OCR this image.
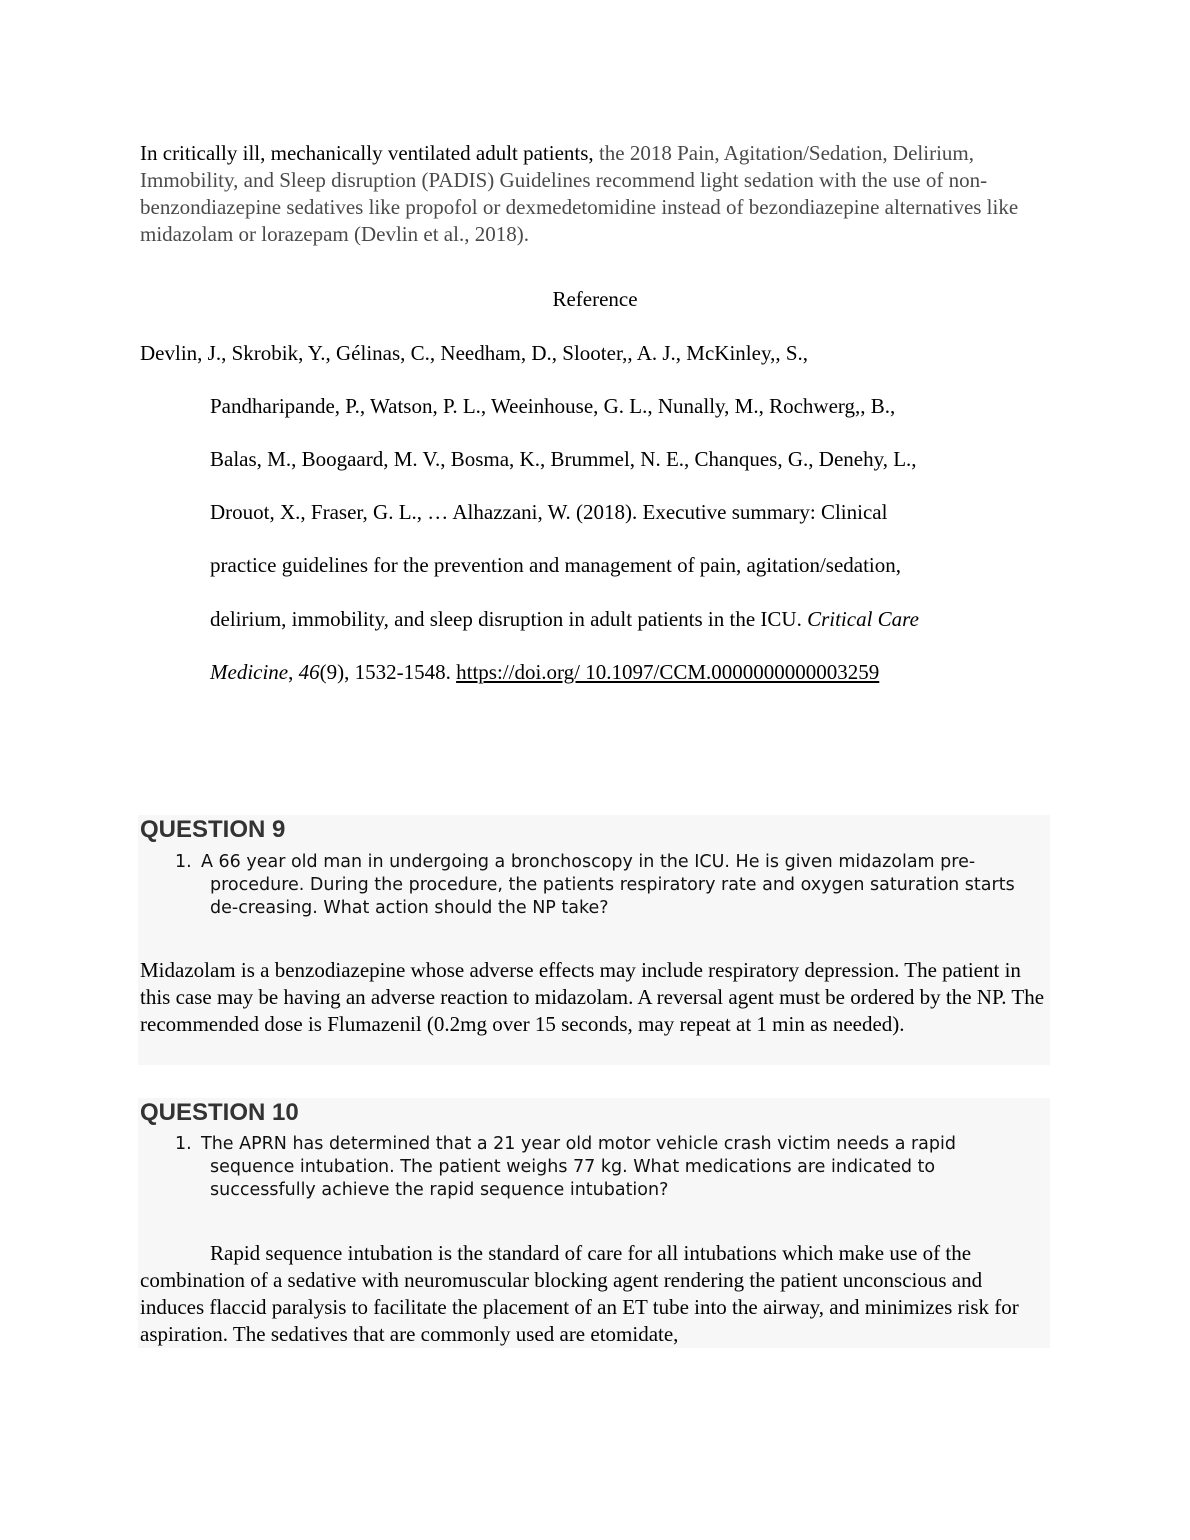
In critically ill, mechanically ventilated adult patients, the 2018 Pain, Agitation/Sedation, Delirium, Immobility, and Sleep disruption (PADIS) Guidelines recommend light sedation with the use of non-benzondiazepine sedatives like propofol or dexmedetomidine instead of bezondiazepine alternatives like midazolam or lorazepam (Devlin et al., 2018).
Reference
Devlin, J., Skrobik, Y., Gélinas, C., Needham, D., Slooter,, A. J., McKinley,, S.,
Pandharipande, P., Watson, P. L., Weeinhouse, G. L., Nunally, M., Rochwerg,, B.,
Balas, M., Boogaard, M. V., Bosma, K., Brummel, N. E., Chanques, G., Denehy, L.,
Drouot, X., Fraser, G. L., … Alhazzani, W. (2018). Executive summary: Clinical
practice guidelines for the prevention and management of pain, agitation/sedation,
delirium, immobility, and sleep disruption in adult patients in the ICU. Critical Care
Medicine, 46(9), 1532-1548. https://doi.org/ 10.1097/CCM.0000000000003259
QUESTION 9
1. A 66 year old man in undergoing a bronchoscopy in the ICU. He is given midazolam pre-procedure. During the procedure, the patients respiratory rate and oxygen saturation starts de-creasing. What action should the NP take?
Midazolam is a benzodiazepine whose adverse effects may include respiratory depression. The patient in this case may be having an adverse reaction to midazolam. A reversal agent must be ordered by the NP. The recommended dose is Flumazenil (0.2mg over 15 seconds, may repeat at 1 min as needed).
QUESTION 10
1. The APRN has determined that a 21 year old motor vehicle crash victim needs a rapid sequence intubation. The patient weighs 77 kg. What medications are indicated to successfully achieve the rapid sequence intubation?
Rapid sequence intubation is the standard of care for all intubations which make use of the combination of a sedative with neuromuscular blocking agent rendering the patient unconscious and induces flaccid paralysis to facilitate the placement of an ET tube into the airway, and minimizes risk for aspiration. The sedatives that are commonly used are etomidate,
